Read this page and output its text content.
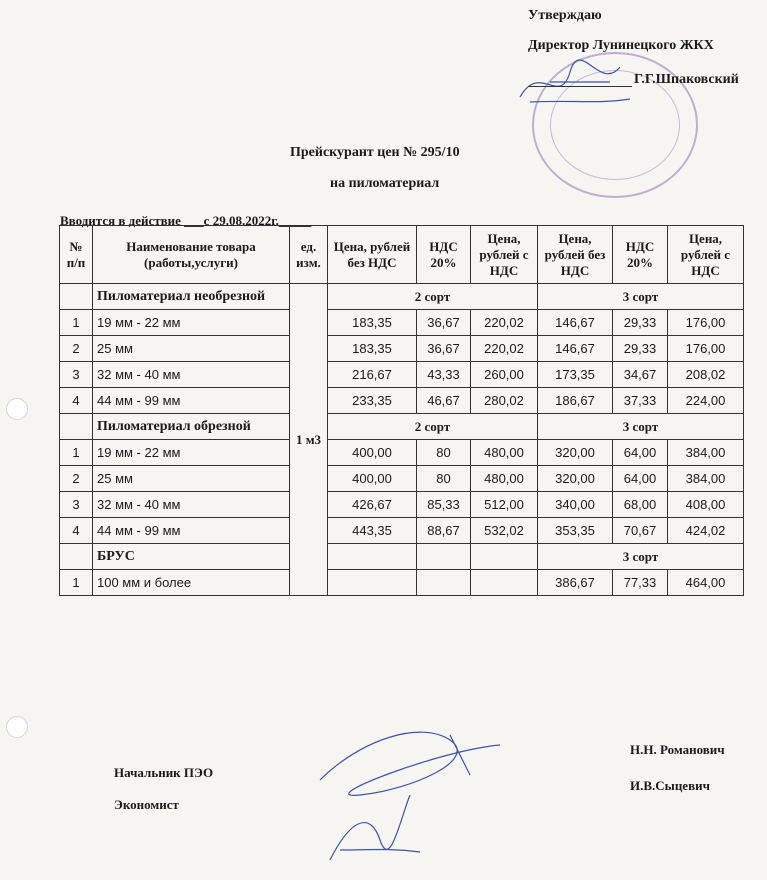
Утверждаю
Директор Лунинецкого ЖКХ
Г.Г.Шпаковский
Прейскурант цен № 295/10
на пиломатериал
Вводится в действие ___с 29.08.2022г._____
№ п/п	Наименование товара (работы,услуги)	ед. изм.	Цена, рублей без НДС	НДС 20%	Цена, рублей с НДС	Цена, рублей без НДС	НДС 20%	Цена, рублей с НДС
	Пиломатериал необрезной	1 м3	2 сорт			3 сорт		
1	19 мм - 22 мм		183,35	36,67	220,02	146,67	29,33	176,00
2	25 мм		183,35	36,67	220,02	146,67	29,33	176,00
3	32 мм - 40 мм		216,67	43,33	260,00	173,35	34,67	208,02
4	44 мм - 99 мм		233,35	46,67	280,02	186,67	37,33	224,00
	Пиломатериал обрезной		2 сорт			3 сорт		
1	19 мм - 22 мм		400,00	80	480,00	320,00	64,00	384,00
2	25 мм		400,00	80	480,00	320,00	64,00	384,00
3	32 мм - 40 мм		426,67	85,33	512,00	340,00	68,00	408,00
4	44 мм - 99 мм		443,35	88,67	532,02	353,35	70,67	424,02
	БРУС					3 сорт		
1	100 мм и более					386,67	77,33	464,00
Начальник ПЭО
Экономист
Н.Н. Романович
И.В.Сыцевич
